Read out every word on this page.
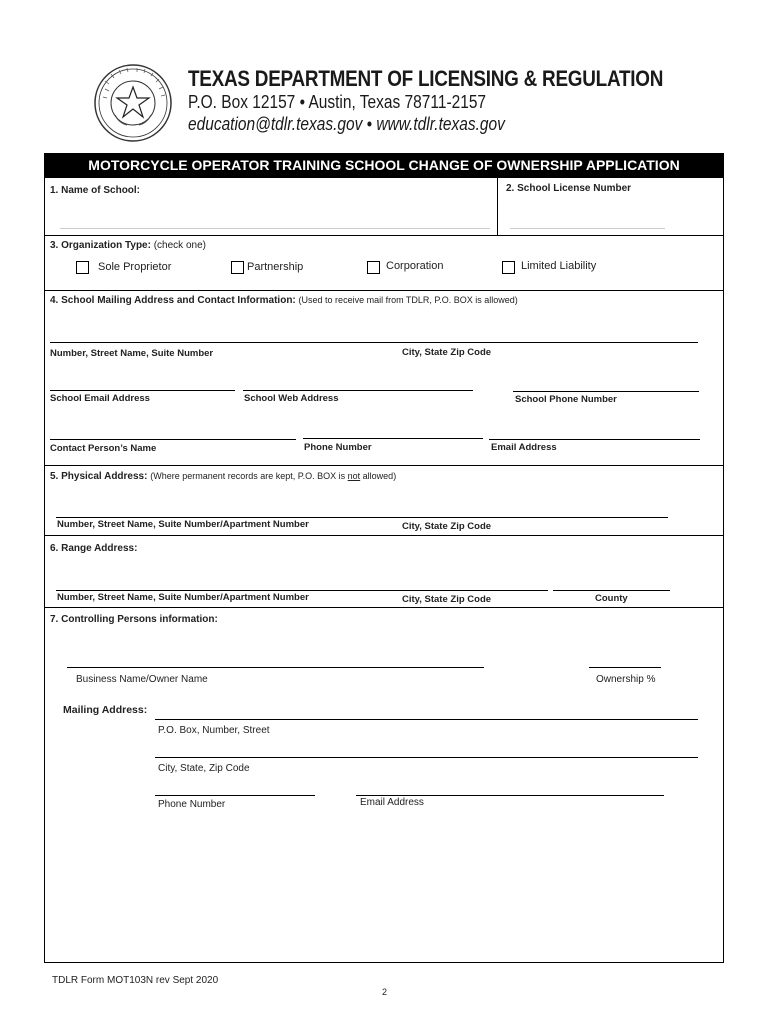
TEXAS DEPARTMENT OF LICENSING & REGULATION
P.O. Box 12157 • Austin, Texas 78711-2157
education@tdlr.texas.gov • www.tdlr.texas.gov
MOTORCYCLE OPERATOR TRAINING SCHOOL CHANGE OF OWNERSHIP APPLICATION
1. Name of School:	2. School License Number
3. Organization Type: (check one)
Sole Proprietor	Partnership	Corporation	Limited Liability
4. School Mailing Address and Contact Information: (Used to receive mail from TDLR, P.O. BOX is allowed)
Number, Street Name, Suite Number	City, State Zip Code
School Email Address	School Web Address	School Phone Number
Contact Person’s Name	Phone Number	Email Address
5. Physical Address: (Where permanent records are kept, P.O. BOX is not allowed)
Number, Street Name, Suite Number/Apartment Number	City, State Zip Code
6. Range Address:
Number, Street Name, Suite Number/Apartment Number	City, State Zip Code	County
7. Controlling Persons information:
Business Name/Owner Name	Ownership %
Mailing Address:
P.O. Box, Number, Street
City, State, Zip Code
Phone Number	Email Address
TDLR Form MOT103N rev Sept 2020
2
